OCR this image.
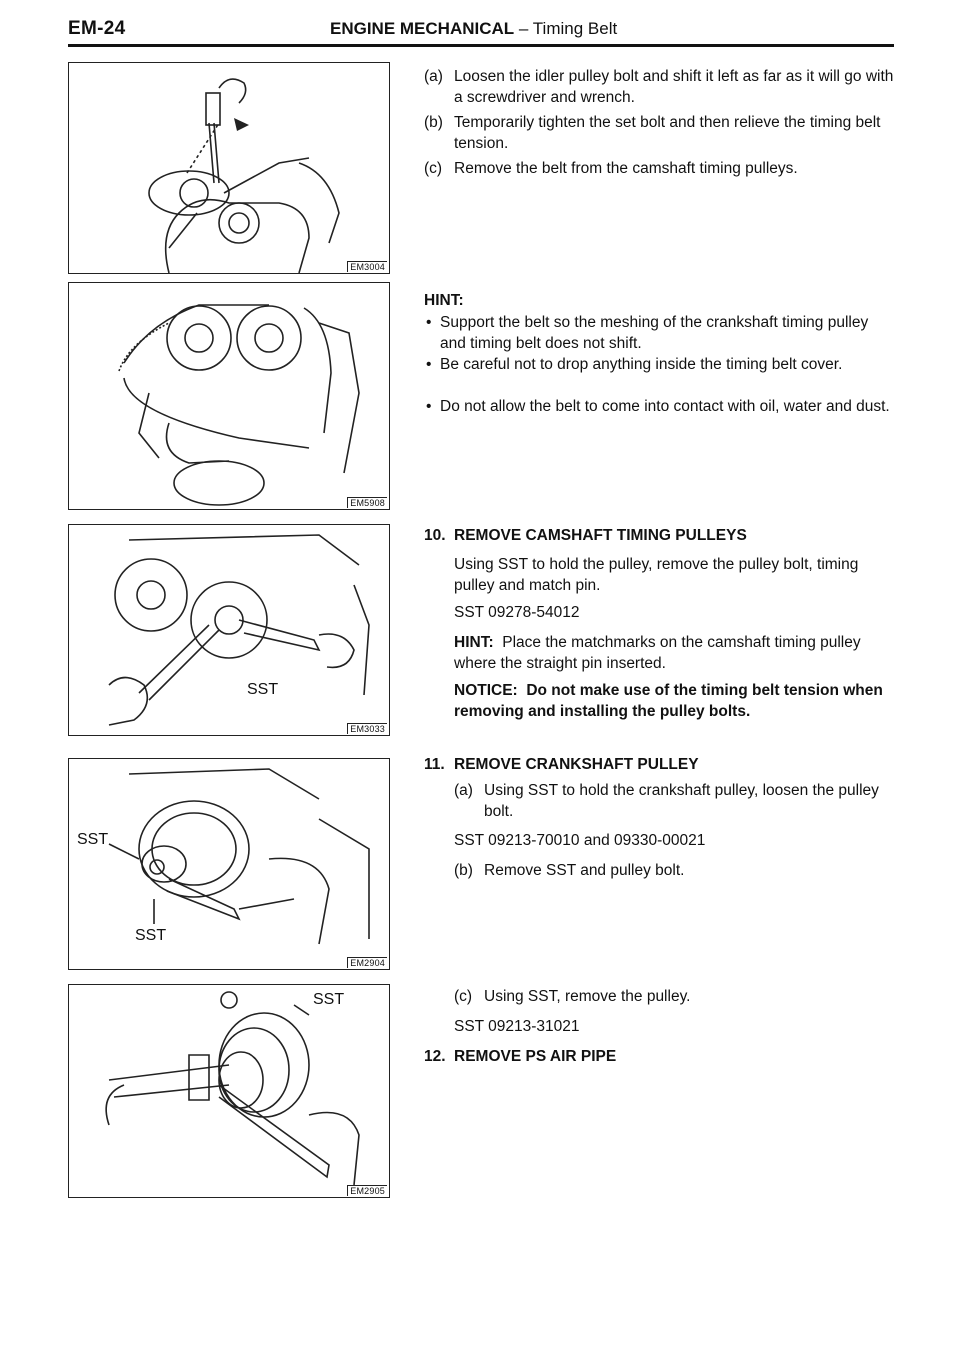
EM-24	ENGINE MECHANICAL – Timing Belt
EM3004
EM5908
SST
EM3033
SST
SST
EM2904
SST
EM2905
(a) Loosen the idler pulley bolt and shift it left as far as it will go with a screwdriver and wrench.
(b) Temporarily tighten the set bolt and then relieve the timing belt tension.
(c) Remove the belt from the camshaft timing pulleys.
HINT:
• Support the belt so the meshing of the crankshaft timing pulley and timing belt does not shift.
• Be careful not to drop anything inside the timing belt cover.
• Do not allow the belt to come into contact with oil, water and dust.
10. REMOVE CAMSHAFT TIMING PULLEYS
Using SST to hold the pulley, remove the pulley bolt, timing pulley and match pin.
SST 09278-54012
HINT: Place the matchmarks on the camshaft timing pulley where the straight pin inserted.
NOTICE: Do not make use of the timing belt tension when removing and installing the pulley bolts.
11. REMOVE CRANKSHAFT PULLEY
(a) Using SST to hold the crankshaft pulley, loosen the pulley bolt.
SST 09213-70010 and 09330-00021
(b) Remove SST and pulley bolt.
(c) Using SST, remove the pulley.
SST 09213-31021
12. REMOVE PS AIR PIPE
